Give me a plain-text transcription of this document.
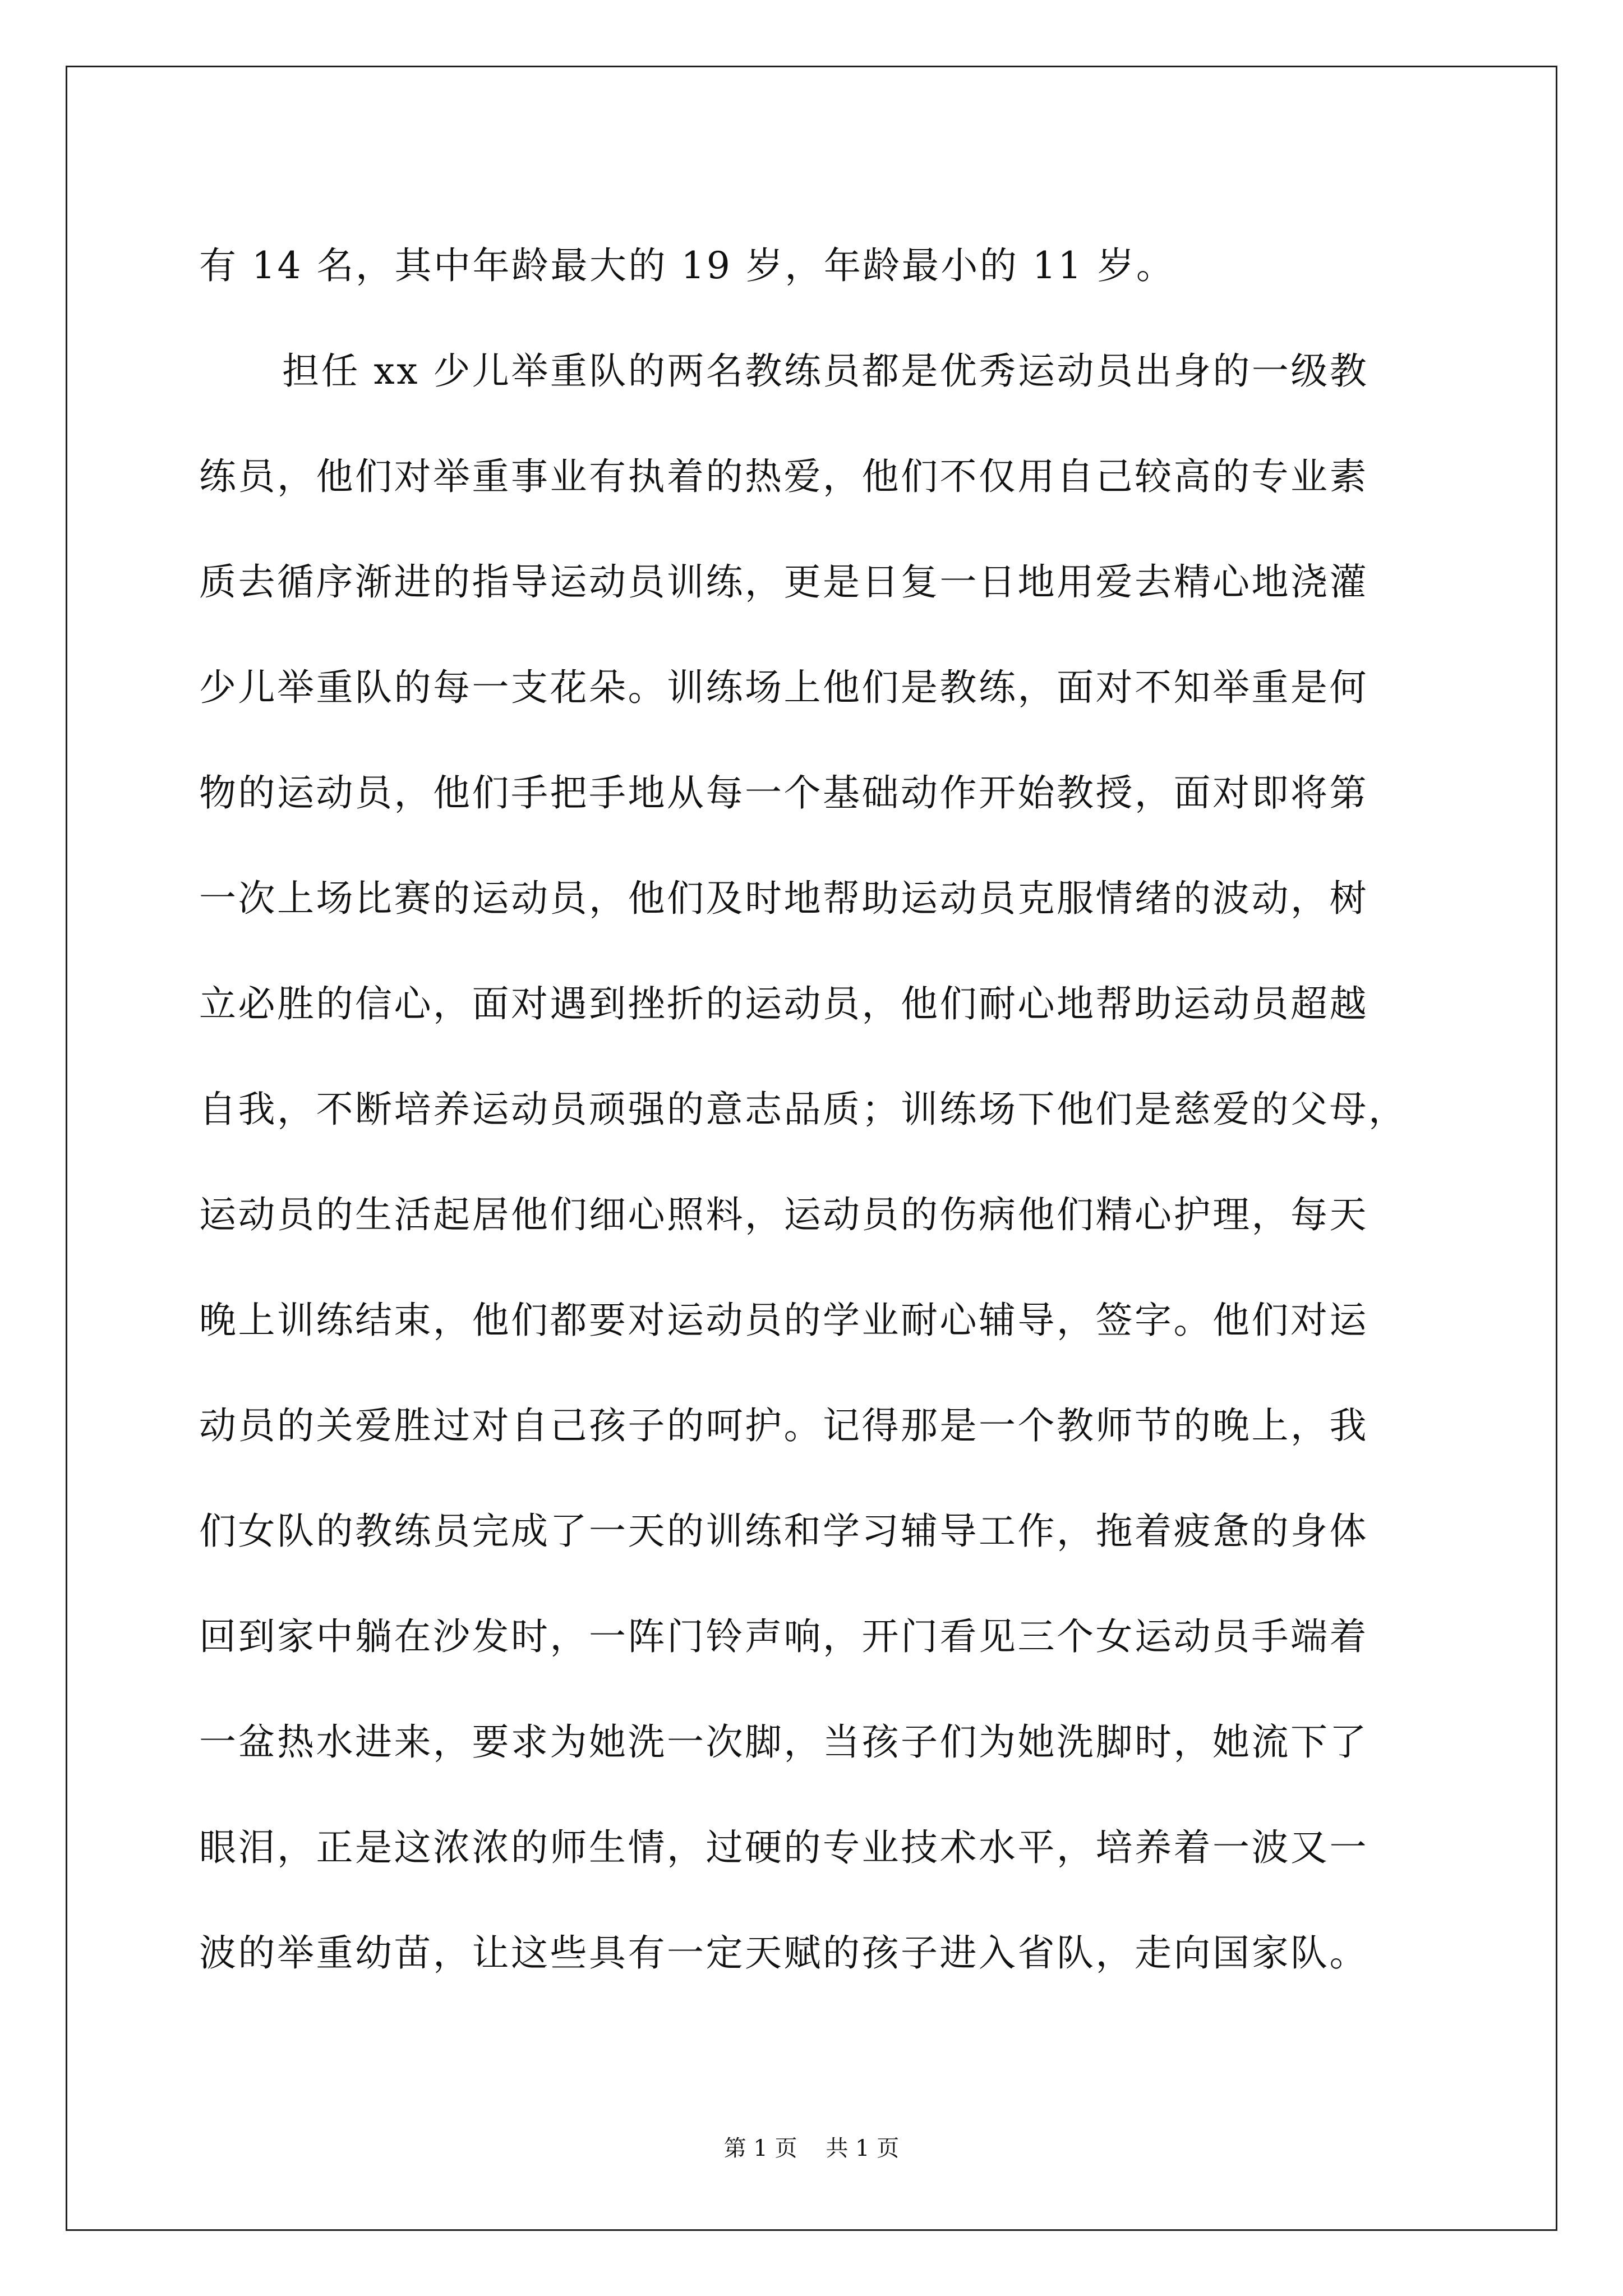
有 14 名，其中年龄最大的 19 岁，年龄最小的 11 岁。
担任 xx 少儿举重队的两名教练员都是优秀运动员出身的一级教
练员，他们对举重事业有执着的热爱，他们不仅用自己较高的专业素
质去循序渐进的指导运动员训练，更是日复一日地用爱去精心地浇灌
少儿举重队的每一支花朵。训练场上他们是教练，面对不知举重是何
物的运动员，他们手把手地从每一个基础动作开始教授，面对即将第
一次上场比赛的运动员，他们及时地帮助运动员克服情绪的波动，树
立必胜的信心，面对遇到挫折的运动员，他们耐心地帮助运动员超越
自我，不断培养运动员顽强的意志品质；训练场下他们是慈爱的父母，
运动员的生活起居他们细心照料，运动员的伤病他们精心护理，每天
晚上训练结束，他们都要对运动员的学业耐心辅导，签字。他们对运
动员的关爱胜过对自己孩子的呵护。记得那是一个教师节的晚上，我
们女队的教练员完成了一天的训练和学习辅导工作，拖着疲惫的身体
回到家中躺在沙发时，一阵门铃声响，开门看见三个女运动员手端着
一盆热水进来，要求为她洗一次脚，当孩子们为她洗脚时，她流下了
眼泪，正是这浓浓的师生情，过硬的专业技术水平，培养着一波又一
波的举重幼苗，让这些具有一定天赋的孩子进入省队，走向国家队。
第 1 页    共 1 页
